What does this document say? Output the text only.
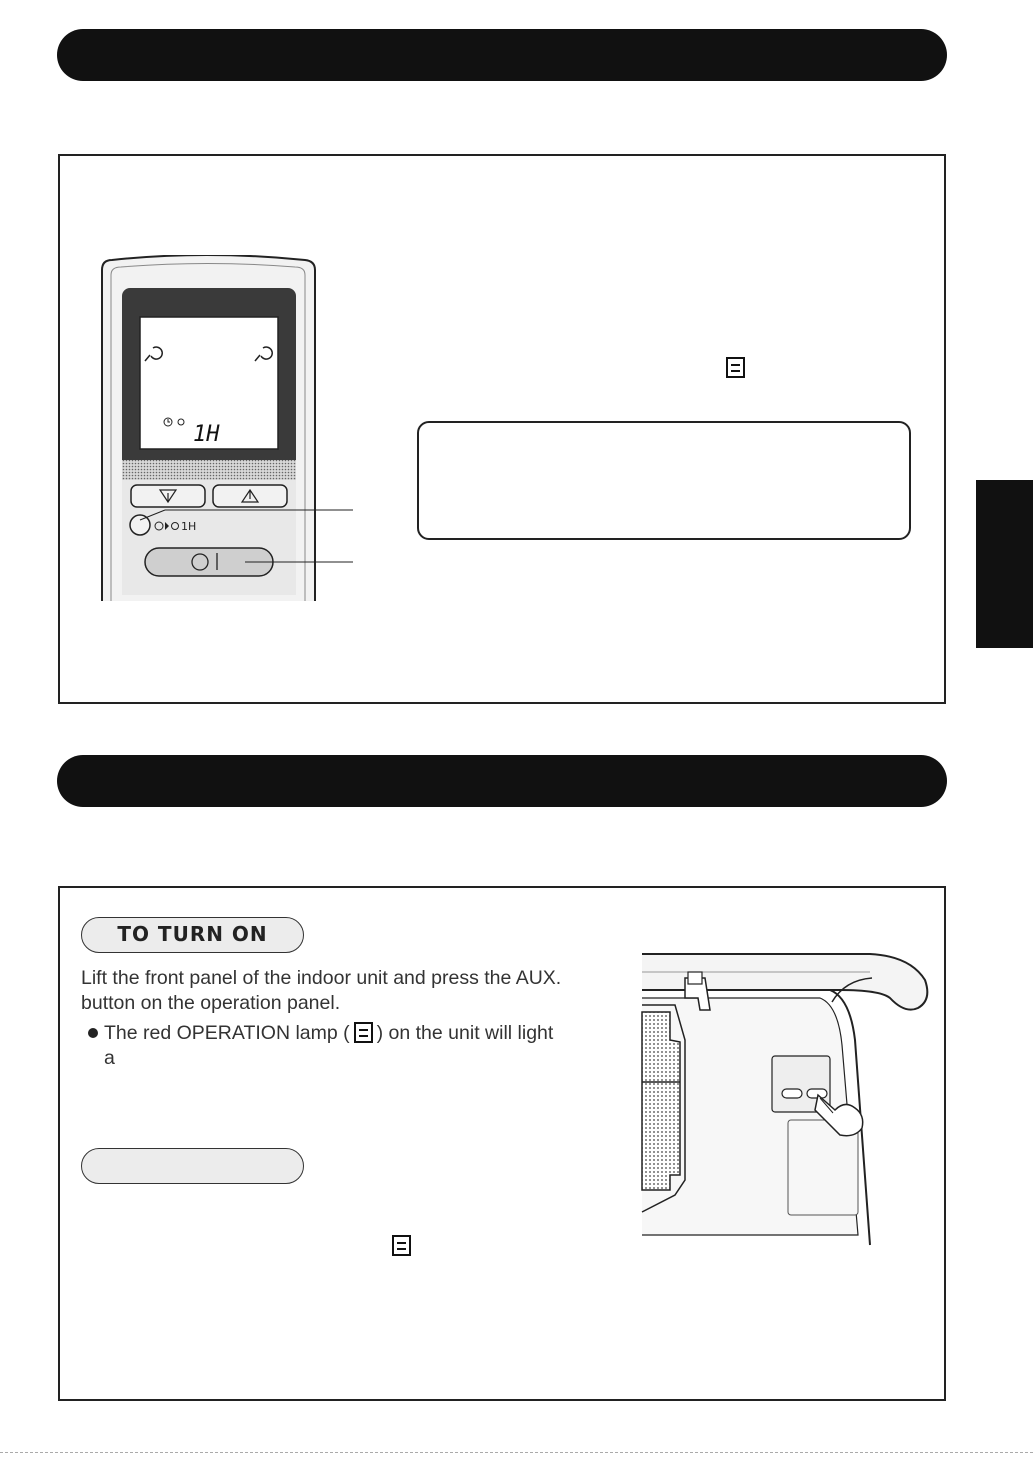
1H
1H
TO TURN ON
Lift the front panel of the indoor unit and press the AUX.
button on the operation panel.
The red OPERATION lamp ( ) on the unit will light
a
